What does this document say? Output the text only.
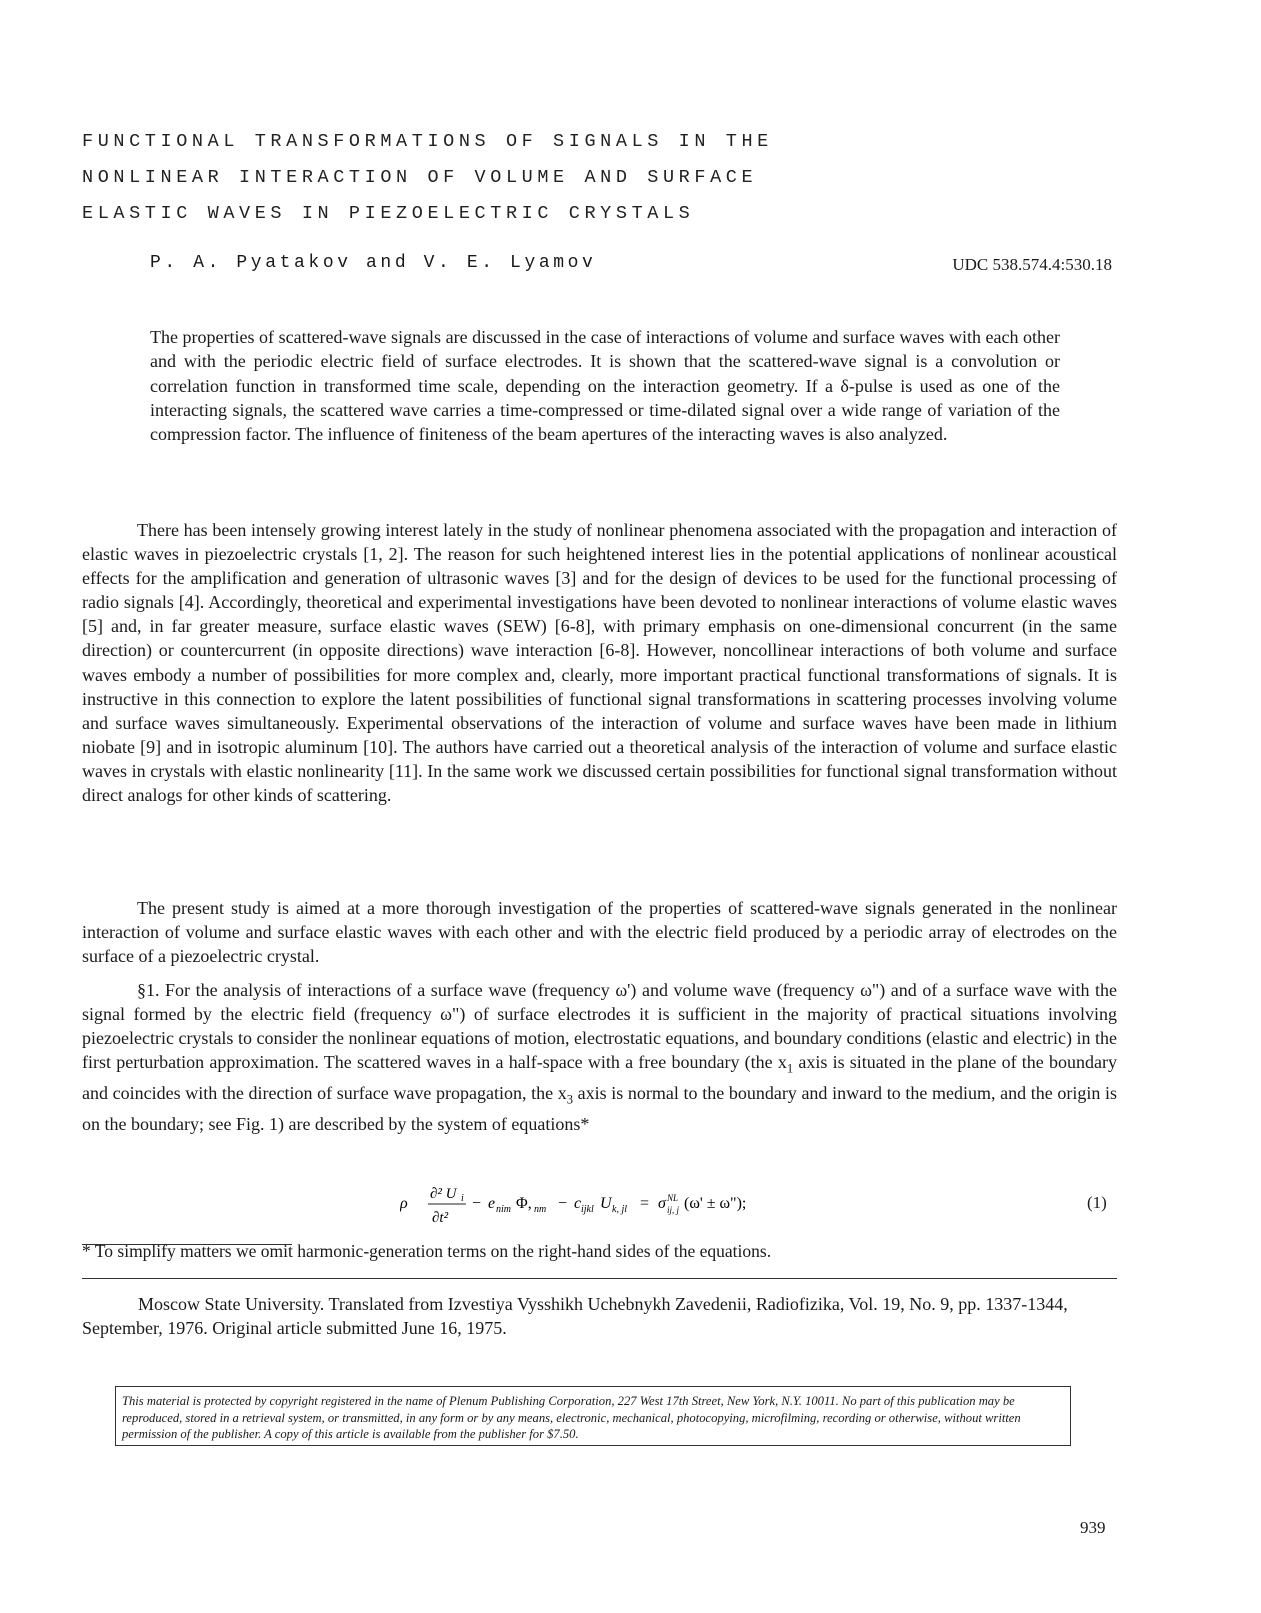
FUNCTIONAL TRANSFORMATIONS OF SIGNALS IN THE
NONLINEAR INTERACTION OF VOLUME AND SURFACE
ELASTIC WAVES IN PIEZOELECTRIC CRYSTALS
P. A. Pyatakov and V. E. Lyamov	UDC 538.574.4:530.18
The properties of scattered-wave signals are discussed in the case of interactions of volume and surface waves with each other and with the periodic electric field of surface electrodes. It is shown that the scattered-wave signal is a convolution or correlation function in transformed time scale, depending on the interaction geometry. If a δ-pulse is used as one of the interacting signals, the scattered wave carries a time-compressed or time-dilated signal over a wide range of variation of the compression factor. The influence of finiteness of the beam apertures of the interacting waves is also analyzed.

There has been intensely growing interest lately in the study of nonlinear phenomena associated with the propagation and interaction of elastic waves in piezoelectric crystals [1, 2]. The reason for such heightened interest lies in the potential applications of nonlinear acoustical effects for the amplification and generation of ultrasonic waves [3] and for the design of devices to be used for the functional processing of radio signals [4]. Accordingly, theoretical and experimental investigations have been devoted to nonlinear interactions of volume elastic waves [5] and, in far greater measure, surface elastic waves (SEW) [6-8], with primary emphasis on one-dimensional concurrent (in the same direction) or countercurrent (in opposite directions) wave interaction [6-8]. However, noncollinear interactions of both volume and surface waves embody a number of possibilities for more complex and, clearly, more important practical functional transformations of signals. It is instructive in this connection to explore the latent possibilities of functional signal transformations in scattering processes involving volume and surface waves simultaneously. Experimental observations of the interaction of volume and surface waves have been made in lithium niobate [9] and in isotropic aluminum [10]. The authors have carried out a theoretical analysis of the interaction of volume and surface elastic waves in crystals with elastic nonlinearity [11]. In the same work we discussed certain possibilities for functional signal transformation without direct analogs for other kinds of scattering.

The present study is aimed at a more thorough investigation of the properties of scattered-wave signals generated in the nonlinear interaction of volume and surface elastic waves with each other and with the electric field produced by a periodic array of electrodes on the surface of a piezoelectric crystal.

§1. For the analysis of interactions of a surface wave (frequency ω') and volume wave (frequency ω") and of a surface wave with the signal formed by the electric field (frequency ω") of surface electrodes it is sufficient in the majority of practical situations involving piezoelectric crystals to consider the nonlinear equations of motion, electrostatic equations, and boundary conditions (elastic and electric) in the first perturbation approximation. The scattered waves in a half-space with a free boundary (the $x_1$ axis is situated in the plane of the boundary and coincides with the direction of surface wave propagation, the $x_3$ axis is normal to the boundary and inward to the medium, and the origin is on the boundary; see Fig. 1) are described by the system of equations*

ρ
∂² U i
∂t²
− e nim Φ, nm − c ijkl U k, jl = σ NL
ij, j (ω' ± ω");	(1)
* To simplify matters we omit harmonic-generation terms on the right-hand sides of the equations.
Moscow State University. Translated from Izvestiya Vysshikh Uchebnykh Zavedenii, Radiofizika, Vol. 19, No. 9, pp. 1337-1344, September, 1976. Original article submitted June 16, 1975.
This material is protected by copyright registered in the name of Plenum Publishing Corporation, 227 West 17th Street, New York, N.Y. 10011. No part of this publication may be reproduced, stored in a retrieval system, or transmitted, in any form or by any means, electronic, mechanical, photocopying, microfilming, recording or otherwise, without written permission of the publisher. A copy of this article is available from the publisher for $7.50.
939
